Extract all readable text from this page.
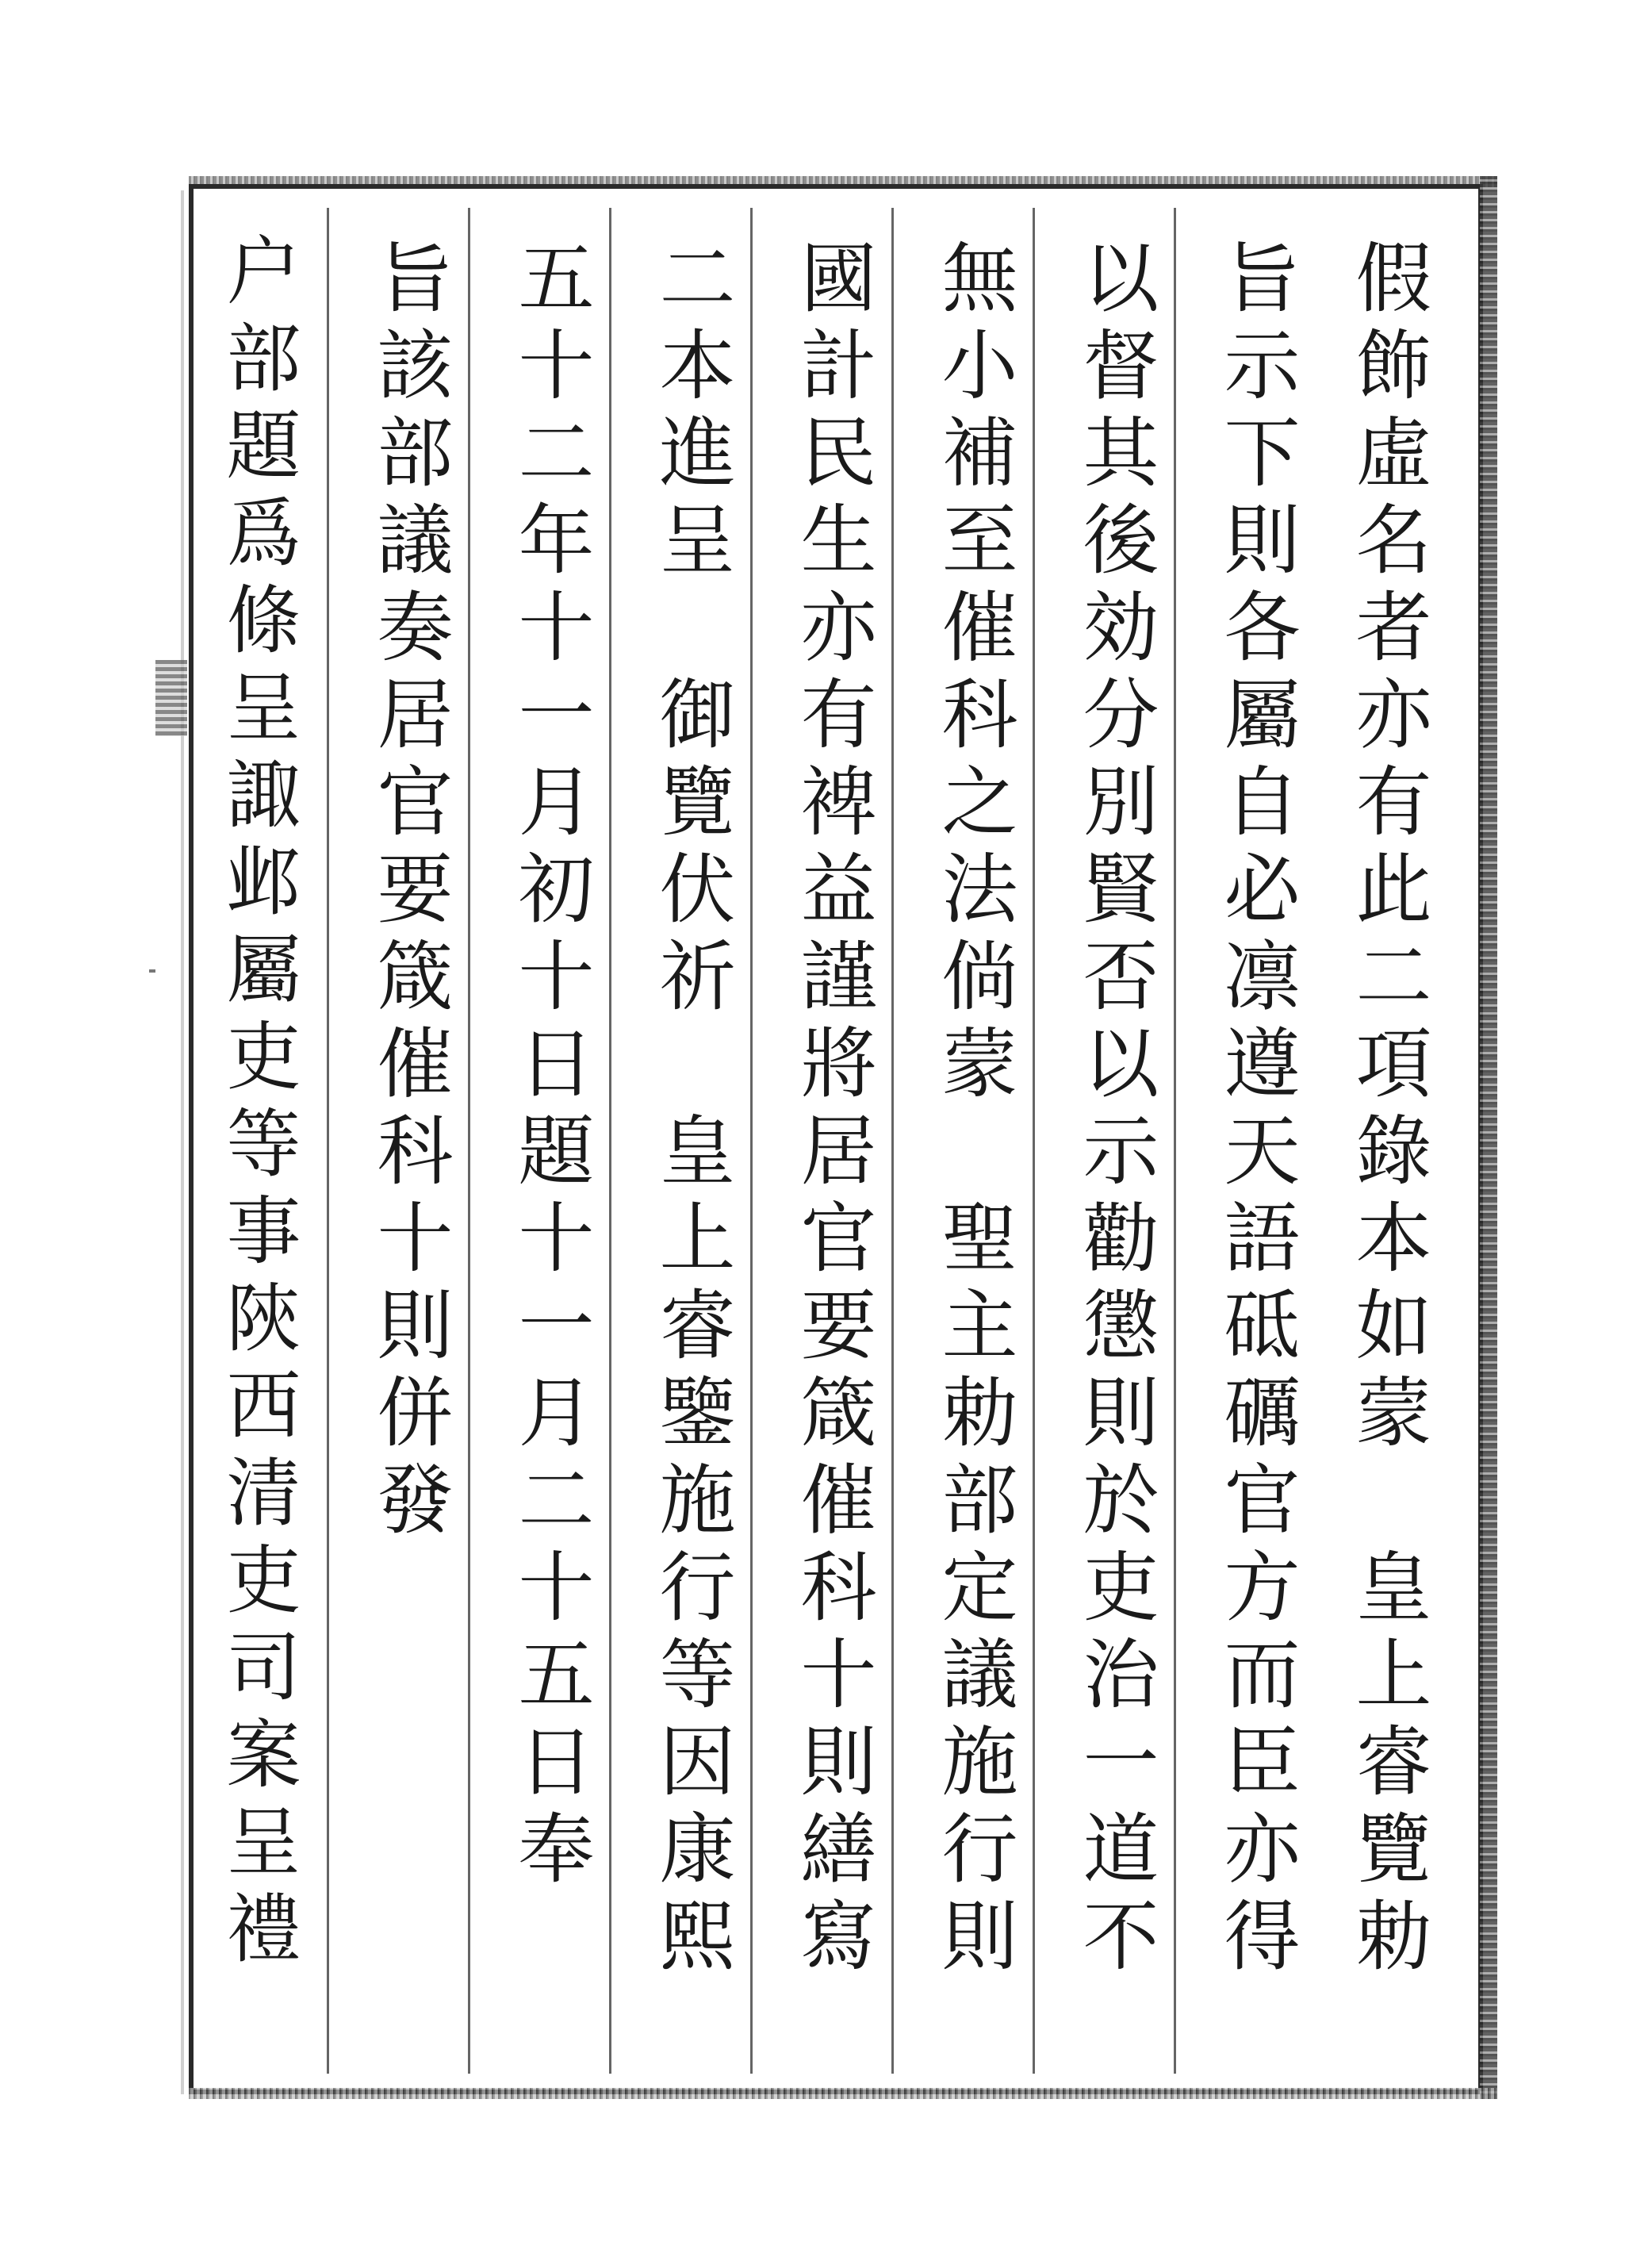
假飾虛名者亦有此二項錄本如蒙　皇上睿覽勅
旨示下則各屬自必凛遵天語砥礪官方而臣亦得
以督其後効分別賢否以示勸懲則於吏治一道不
無小補至催科之法倘蒙　聖主勅部定議施行則
國計民生亦有裨益謹將居官要箴催科十則繕寫
二本進呈　御覽伏祈　皇上睿鑒施行等因康熙
五十二年十一月初十日題十一月二十五日奉
旨該部議奏居官要箴催科十則併發
户部題爲條呈諏邺屬吏等事陝西清吏司案呈禮
